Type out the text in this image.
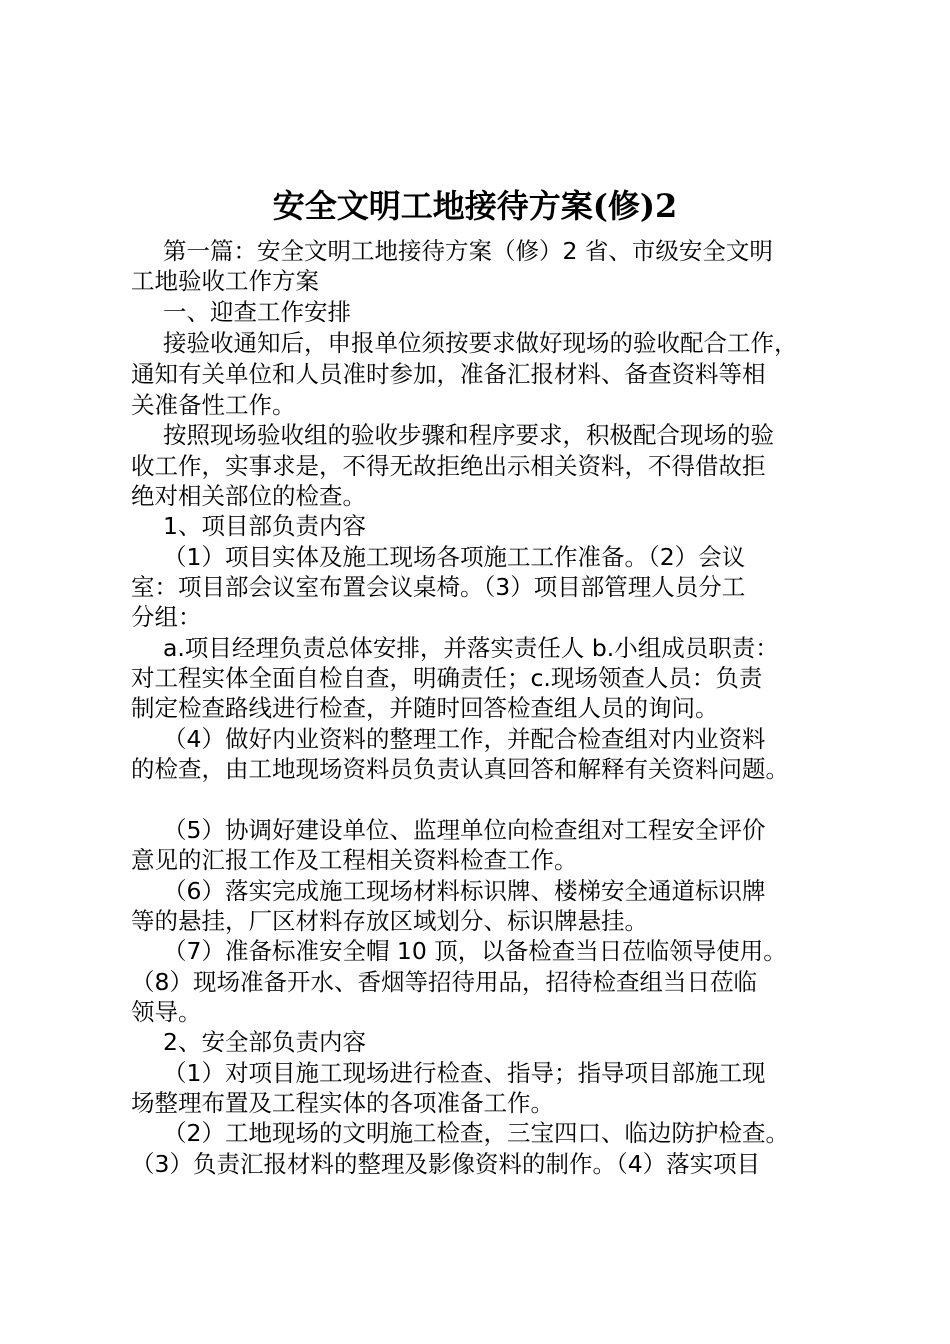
安全文明工地接待方案(修)2
第一篇：安全文明工地接待方案（修）2 省、市级安全文明
工地验收工作方案
一、迎查工作安排
接验收通知后，申报单位须按要求做好现场的验收配合工作，
通知有关单位和人员准时参加，准备汇报材料、备查资料等相
关准备性工作。
按照现场验收组的验收步骤和程序要求，积极配合现场的验
收工作，实事求是，不得无故拒绝出示相关资料，不得借故拒
绝对相关部位的检查。
1、项目部负责内容
（1）项目实体及施工现场各项施工工作准备。（2）会议
室：项目部会议室布置会议桌椅。（3）项目部管理人员分工
分组：
a.项目经理负责总体安排，并落实责任人 b.小组成员职责：
对工程实体全面自检自查，明确责任；c.现场领查人员：负责
制定检查路线进行检查，并随时回答检查组人员的询问。
（4）做好内业资料的整理工作，并配合检查组对内业资料
的检查，由工地现场资料员负责认真回答和解释有关资料问题。
（5）协调好建设单位、监理单位向检查组对工程安全评价
意见的汇报工作及工程相关资料检查工作。
（6）落实完成施工现场材料标识牌、楼梯安全通道标识牌
等的悬挂，厂区材料存放区域划分、标识牌悬挂。
（7）准备标准安全帽 10 顶，以备检查当日莅临领导使用。
（8）现场准备开水、香烟等招待用品，招待检查组当日莅临
领导。
2、安全部负责内容
（1）对项目施工现场进行检查、指导；指导项目部施工现
场整理布置及工程实体的各项准备工作。
（2）工地现场的文明施工检查，三宝四口、临边防护检查。
（3）负责汇报材料的整理及影像资料的制作。（4）落实项目
